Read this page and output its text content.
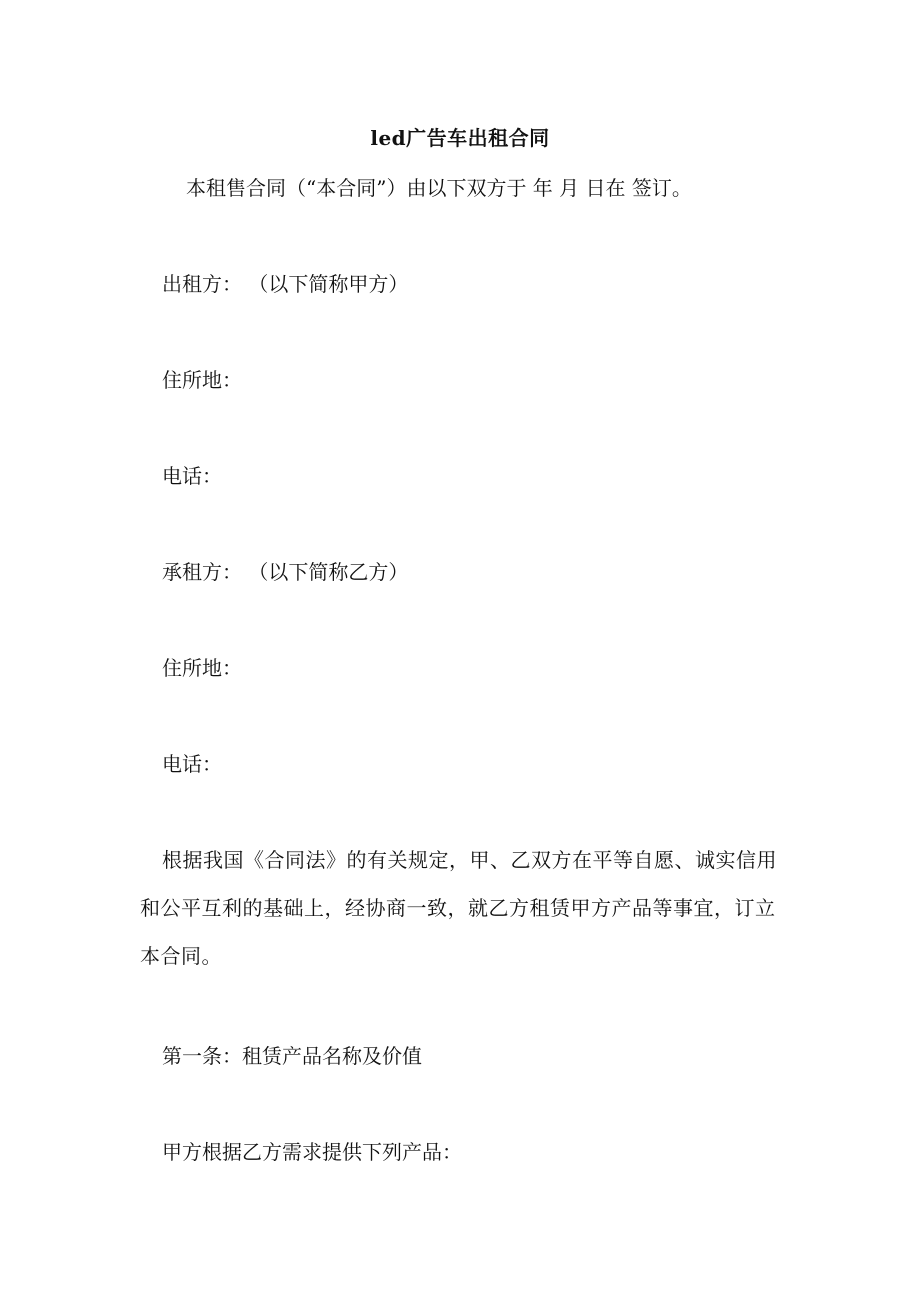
led广告车出租合同
本租售合同（“本合同”）由以下双方于 年 月 日在 签订。
出租方： （以下简称甲方）
住所地：
电话：
承租方： （以下简称乙方）
住所地：
电话：
根据我国《合同法》的有关规定，甲、乙双方在平等自愿、诚实信用和公平互利的基础上，经协商一致，就乙方租赁甲方产品等事宜，订立本合同。
第一条：租赁产品名称及价值
甲方根据乙方需求提供下列产品：
